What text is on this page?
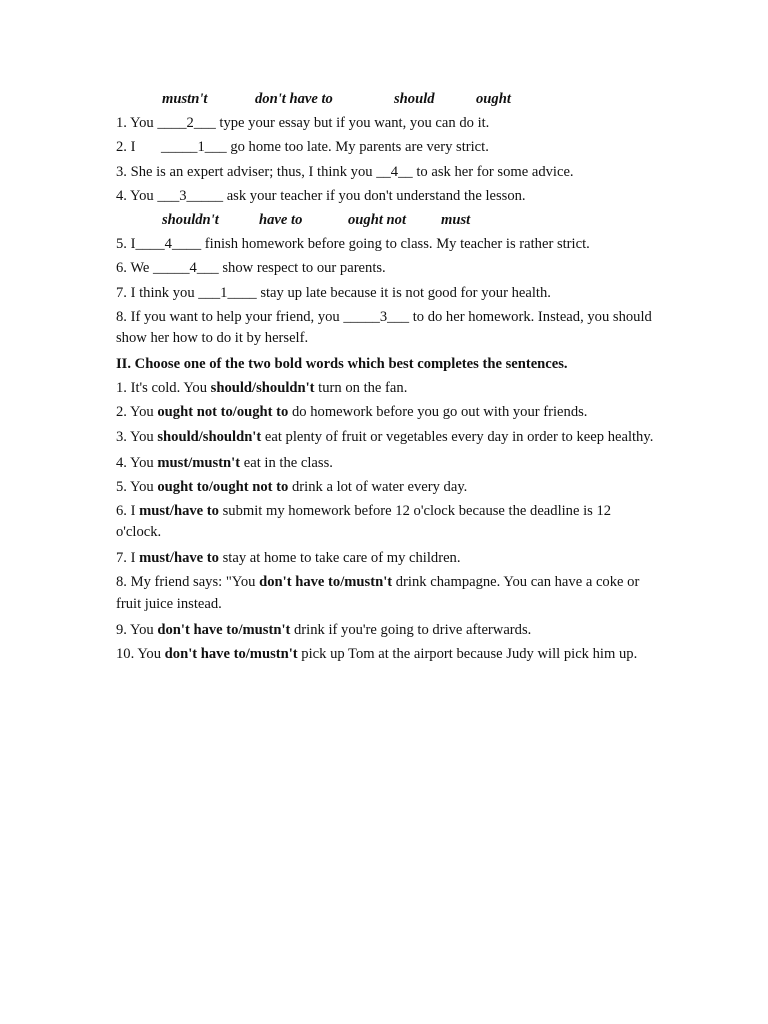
mustn't	don't have to	should	ought
1. You ____2___ type your essay but if you want, you can do it.
2. I       _____1___ go home too late. My parents are very strict.
3. She is an expert adviser; thus, I think you __4__ to ask her for some advice.
4. You ___3_____ ask your teacher if you don't understand the lesson.
shouldn't	have to	ought not must
5. I____4____ finish homework before going to class. My teacher is rather strict.
6. We _____4___ show respect to our parents.
7. I think you ___1____ stay up late because it is not good for your health.
8. If you want to help your friend, you _____3___ to do her homework. Instead, you should show her how to do it by herself.
II. Choose one of the two bold words which best completes the sentences.
1. It's cold. You should/shouldn't turn on the fan.
2. You ought not to/ought to do homework before you go out with your friends.
3. You should/shouldn't eat plenty of fruit or vegetables every day in order to keep healthy.
4. You must/mustn't eat in the class.
5. You ought to/ought not to drink a lot of water every day.
6. I must/have to submit my homework before 12 o'clock because the deadline is 12 o'clock.
7. I must/have to stay at home to take care of my children.
8. My friend says: "You don't have to/mustn't drink champagne. You can have a coke or fruit juice instead.
9. You don't have to/mustn't drink if you're going to drive afterwards.
10. You don't have to/mustn't pick up Tom at the airport because Judy will pick him up.
